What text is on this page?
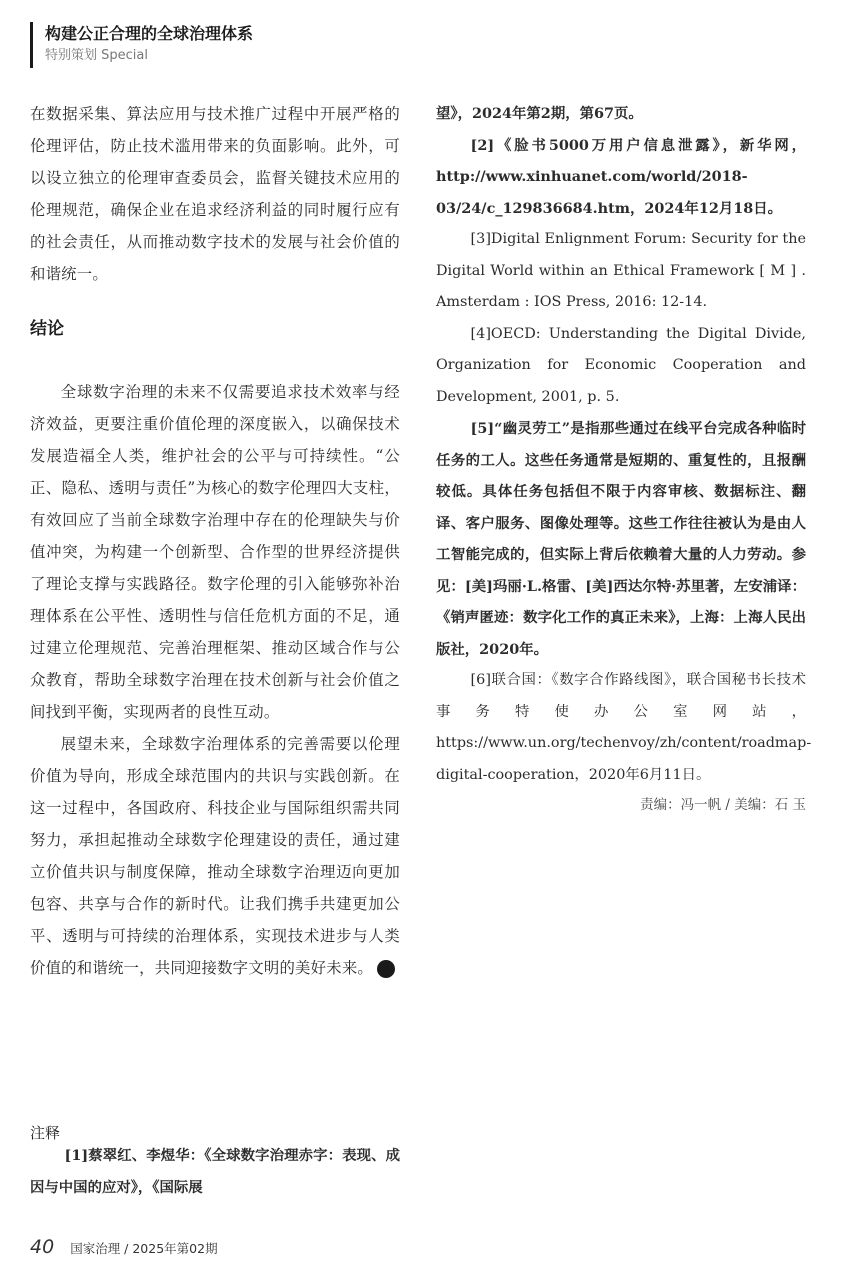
构建公正合理的全球治理体系
特别策划 Special

在数据采集、算法应用与技术推广过程中开展严格的伦理评估，防止技术滥用带来的负面影响。此外，可以设立独立的伦理审查委员会，监督关键技术应用的伦理规范，确保企业在追求经济利益的同时履行应有的社会责任，从而推动数字技术的发展与社会价值的和谐统一。

结论

全球数字治理的未来不仅需要追求技术效率与经济效益，更要注重价值伦理的深度嵌入，以确保技术发展造福全人类，维护社会的公平与可持续性。“公正、隐私、透明与责任”为核心的数字伦理四大支柱，有效回应了当前全球数字治理中存在的伦理缺失与价值冲突，为构建一个创新型、合作型的世界经济提供了理论支撑与实践路径。数字伦理的引入能够弥补治理体系在公平性、透明性与信任危机方面的不足，通过建立伦理规范、完善治理框架、推动区域合作与公众教育，帮助全球数字治理在技术创新与社会价值之间找到平衡，实现两者的良性互动。

展望未来，全球数字治理体系的完善需要以伦理价值为导向，形成全球范围内的共识与实践创新。在这一过程中，各国政府、科技企业与国际组织需共同努力，承担起推动全球数字伦理建设的责任，通过建立价值共识与制度保障，推动全球数字治理迈向更加包容、共享与合作的新时代。让我们携手共建更加公平、透明与可持续的治理体系，实现技术进步与人类价值的和谐统一，共同迎接数字文明的美好未来。 G

注释

[1]蔡翠红、李煜华：《全球数字治理赤字：表现、成因与中国的应对》，《国际展

望》，2024年第2期，第67页。

[2]《脸书5000万用户信息泄露》，新华网，http://www.xinhuanet.com/world/2018-03/24/c_129836684.htm，2024年12月18日。

[3]Digital Enlignment Forum: Security for the Digital World within an Ethical Framework [ M ] . Amsterdam : IOS Press, 2016: 12-14.

[4]OECD: Understanding the Digital Divide, Organization for Economic Cooperation and Development, 2001, p. 5.

[5]“幽灵劳工”是指那些通过在线平台完成各种临时任务的工人。这些任务通常是短期的、重复性的，且报酬较低。具体任务包括但不限于内容审核、数据标注、翻译、客户服务、图像处理等。这些工作往往被认为是由人工智能完成的，但实际上背后依赖着大量的人力劳动。参见：[美]玛丽·L.格雷、[美]西达尔特·苏里著，左安浦译：《销声匿迹：数字化工作的真正未来》，上海：上海人民出版社，2020年。

[6]联合国：《数字合作路线图》，联合国秘书长技术事务特使办公室网站，https://www.un.org/techenvoy/zh/content/roadmap-digital-cooperation，2020年6月11日。

责编：冯一帆 / 美编：石 玉
40 国家治理 / 2025年第02期
